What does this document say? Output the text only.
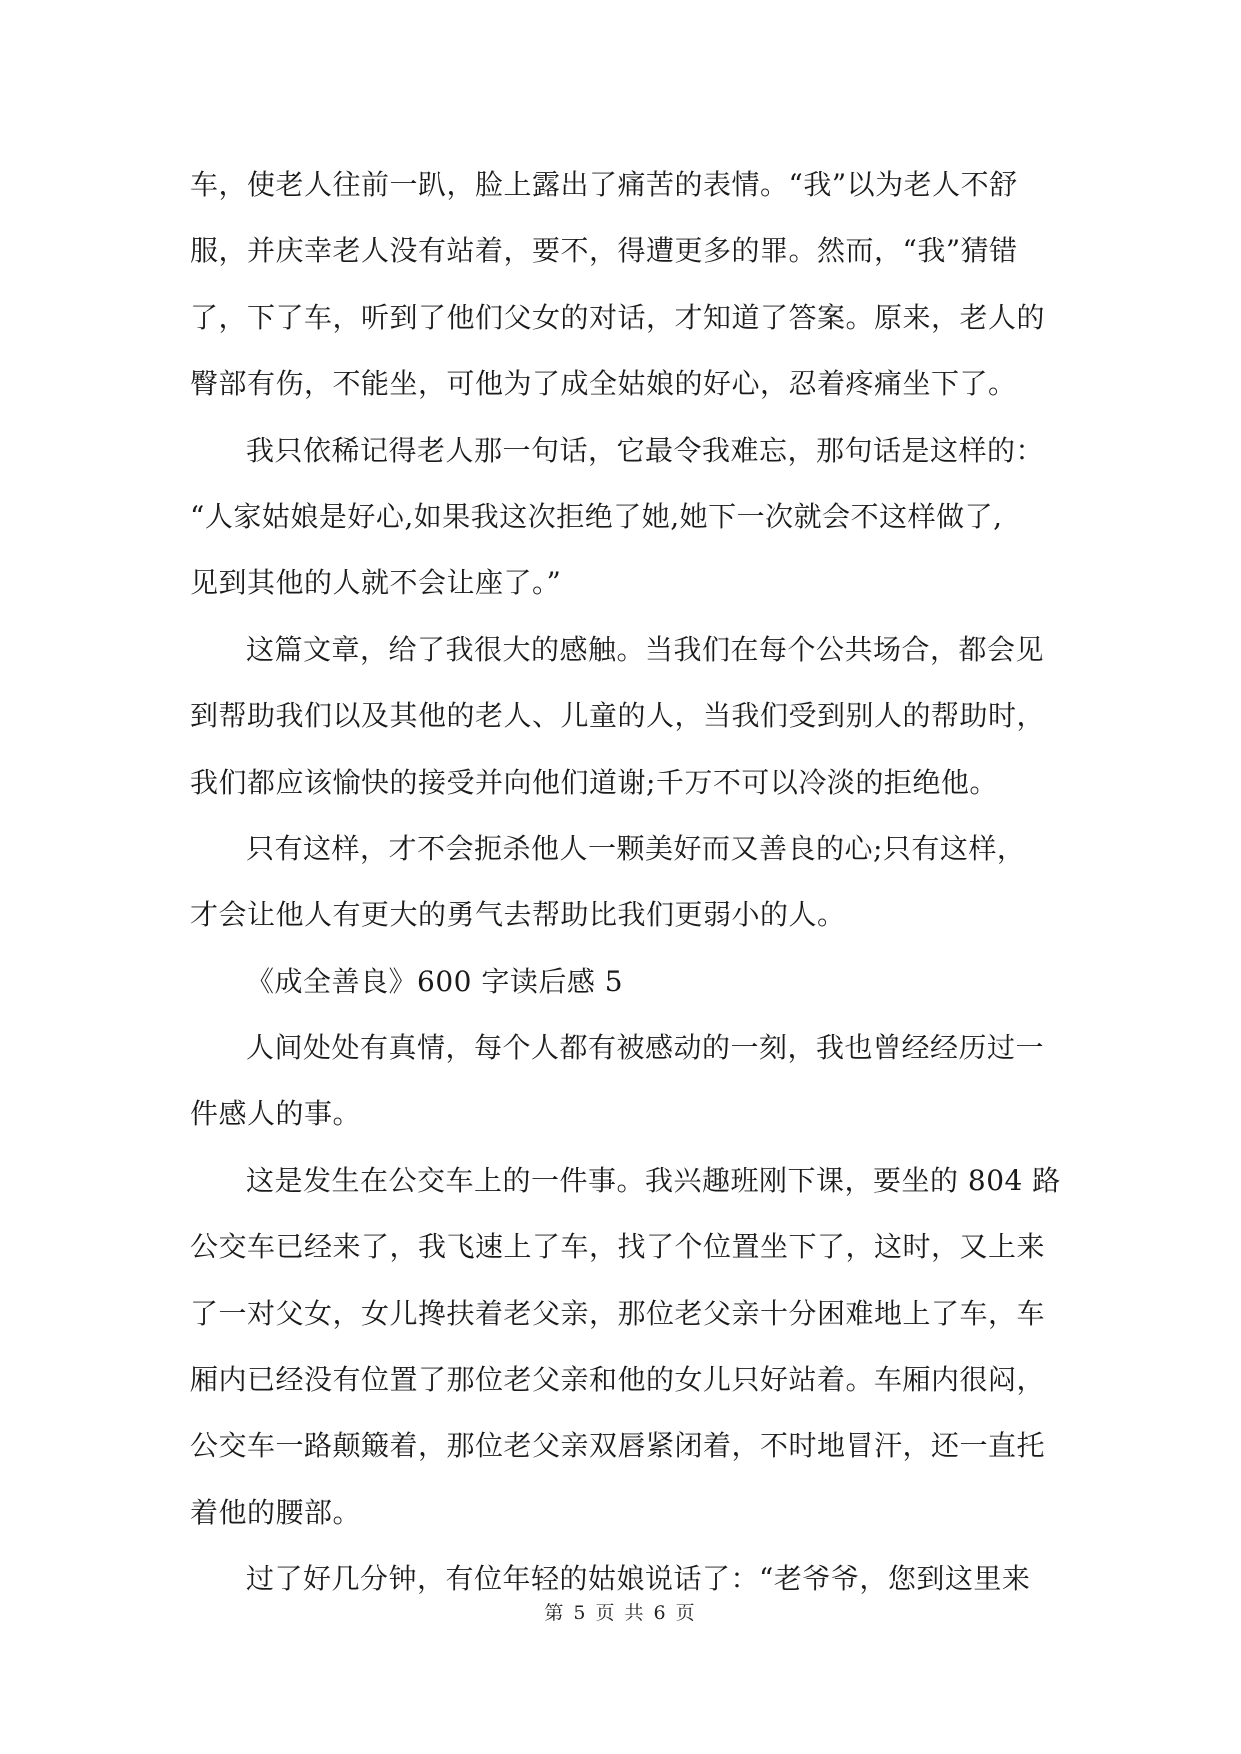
车，使老人往前一趴，脸上露出了痛苦的表情。“我”以为老人不舒
服，并庆幸老人没有站着，要不，得遭更多的罪。然而，“我”猜错
了，下了车，听到了他们父女的对话，才知道了答案。原来，老人的
臀部有伤，不能坐，可他为了成全姑娘的好心，忍着疼痛坐下了。
我只依稀记得老人那一句话，它最令我难忘，那句话是这样的：
“人家姑娘是好心,如果我这次拒绝了她,她下一次就会不这样做了,
见到其他的人就不会让座了。”
这篇文章，给了我很大的感触。当我们在每个公共场合，都会见
到帮助我们以及其他的老人、儿童的人，当我们受到别人的帮助时，
我们都应该愉快的接受并向他们道谢;千万不可以冷淡的拒绝他。
只有这样，才不会扼杀他人一颗美好而又善良的心;只有这样，
才会让他人有更大的勇气去帮助比我们更弱小的人。
《成全善良》600 字读后感 5
人间处处有真情，每个人都有被感动的一刻，我也曾经经历过一
件感人的事。
这是发生在公交车上的一件事。我兴趣班刚下课，要坐的 804 路
公交车已经来了，我飞速上了车，找了个位置坐下了，这时，又上来
了一对父女，女儿搀扶着老父亲，那位老父亲十分困难地上了车，车
厢内已经没有位置了那位老父亲和他的女儿只好站着。车厢内很闷，
公交车一路颠簸着，那位老父亲双唇紧闭着，不时地冒汗，还一直托
着他的腰部。
过了好几分钟，有位年轻的姑娘说话了：“老爷爷，您到这里来
第 5 页 共 6 页
